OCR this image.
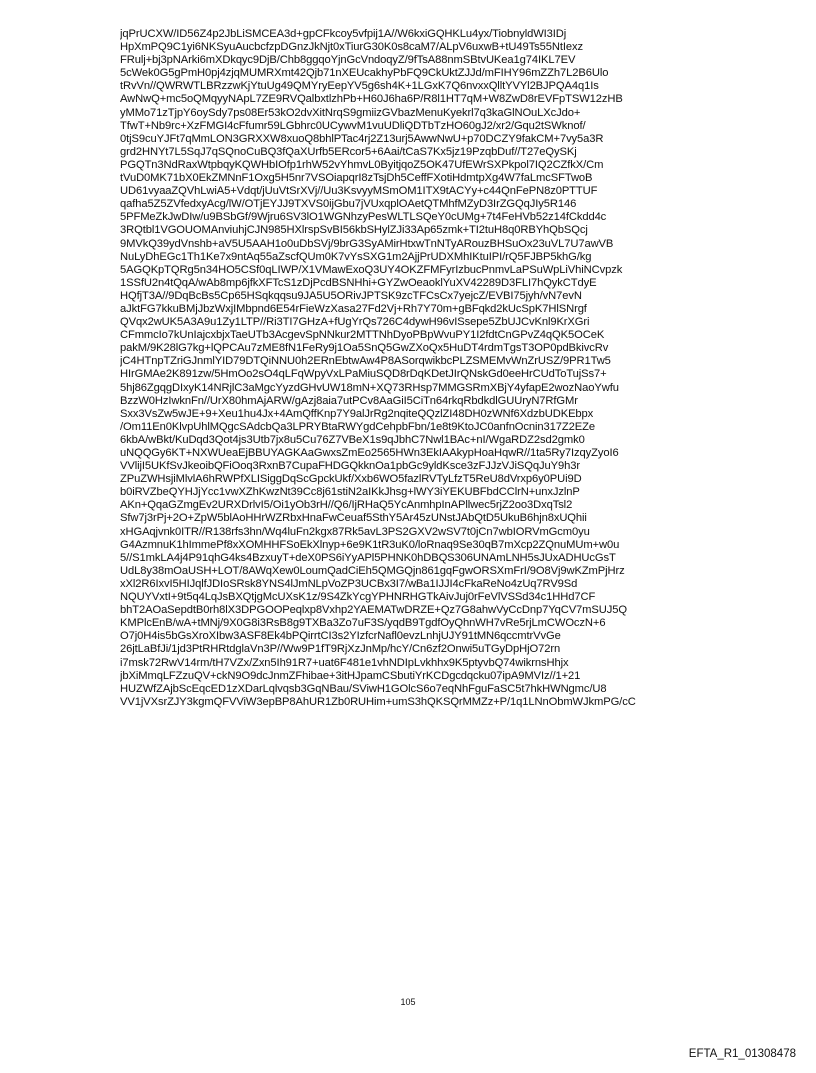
jqPrUCXW/ID56Z4p2JbLiSMCEA3d+gpCFkcoy5vfpij1A//W6kxiGQHKLu4yx/TiobnyldWI3IDj
HpXmPQ9C1yi6NKSyuAucbcfzpDGnzJkNjt0xTiurG30K0s8caM7/ALpV6uxwB+tU49Ts55NtIexz
FRulj+bj3pNArki6mXDkqyc9DjB/Chb8ggqoYjnGcVndoqyZ/9fTsA88nmSBtvUKea1g74IKL7EV
5cWek0G5gPmH0pj4zjqMUMRXmt42Qjb71nXEUcakhyPbFQ9CkUktZJJd/mFIHY96mZZh7L2B6Ulo
tRvVn//QWRWTLBRzzwKjYtuUg49QMYryEepYV5g6sh4K+1LGxK7Q6nvxxQlltYVYl2BJPQA4q1Is
AwNwQ+mc5oQMqyyNApL7ZE9RVQalbxtlzhPb+H60J6ha6P/R8l1HT7qM+W8ZwD8rEVFpTSW12zHB
yMMo71zTjpY6oySdy7ps08Er53kO2dvXitNrqS9gmiizGVbazMenuKyekrl7q3kaGlNOuLXcJdo+
TfwT+Nb9rc+XzFMGI4cFfumr59LGbhrc0UCywvM1vuUDliQDTbTzHO60gJ2/xr2/Gqu2tSWknof/
0tjS9cuYJFt7qMmLON3GRXXW8xuoQ8bhlPTac4rj2Z13urj5AwwNwU+p70DCZY9fakCM+7vy5a3R
grd2HNYt7L5SqJ7qSQnoCuBQ3fQaXUrfb5ERcor5+6Aai/tCaS7Kx5jz19PzqbDuf//T27eQySKj
PGQTn3NdRaxWtpbqyKQWHbIOfp1rhW52vYhmvL0ByitjqoZ5OK47UfEWrSXPkpol7IQ2CZfkX/Cm
tVuD0MK71bX0EkZMNnF1Oxg5H5nr7VSOiapqrI8zTsjDh5CeffFXotiHdmtpXg4W7faLmcSFTwoB
UD61vyaaZQVhLwiA5+Vdqt/jUuVtSrXVj//Uu3KsvyyMSmOM1ITX9tACYy+c44QnFePN8z0PTTUF
qafha5Z5ZVfedxyAcg/lW/OTjEYJJ9TXVS0ijGbu7jVUxqplOAetQTMhfMZyD3IrZGQqJIy5R146
5PFMeZkJwDIw/u9BSbGf/9Wjru6SV3lO1WGNhzyPesWLTLSQeY0cUMg+7t4FeHVb52z14fCkdd4c
3RQtbl1VGOUOMAnviuhjCJN985HXlrspSvBI56kbSHylZJi33Ap65zmk+TI2tuH8q0RBYhQbSQcj
9MVkQ39ydVnshb+aV5U5AAH1o0uDbSVj/9brG3SyAMirHtxwTnNTyARouzBHSuOx23uVL7U7awVB
NuLyDhEGc1Th1Ke7x9ntAq55aZscfQUm0K7vYsSXG1m2AjjPrUDXMhIKtuIPI/rQ5FJBP5khG/kg
5AGQKpTQRg5n34HO5CSf0qLIWP/X1VMawExoQ3UY4OKZFMFyrIzbucPnmvLaPSuWpLiVhiNCvpzk
1SSfU2n4tQqA/wAb8mp6jfkXFTcS1zDjPcdBSNHhi+GYZwOeaoklYuXV42289D3FLI7hQykCTdyE
HQfjT3A//9DqBcBs5Cp65HSqkqqsu9JA5U5ORivJPTSK9zcTFCsCx7yejcZ/EVBI75jyh/vN7evN
aJktFG7kkuBMjJbzWxjIMbpnd6E54rFieWzXasa27Fd2Vj+Rh7Y70m+gBFqkd2kUcSpK7HlSNrgf
QVqx2wUK5A3A9u1Zy1LTP//Ri3TI7GHzA+fUgYrQs726C4dywH96vISsepe5ZbUJCvKnl9KrXGri
CFmmcIo7kUnIajcxbjxTaeUTb3AcgevSpNNkur2MTTNhDyoPBpWvuPY1I2fdtCnGPvZ4qQK5OCeK
pakM/9K28lG7kg+lQPCAu7zME8fN1FeRy9j1Oa5SnQ5GwZXoQx5HuDT4rdmTgsT3OP0pdBkivcRv
jC4HTnpTZriGJnmlYID79DTQiNNU0h2ERnEbtwAw4P8ASorqwikbcPLZSMEMvWnZrUSZ/9PR1Tw5
HIrGMAe2K891zw/5HmOo2sO4qLFqWpyVxLPaMiuSQD8rDqKDetJIrQNskGd0eeHrCUdToTujSs7+
5hj86ZgqgDIxyK14NRjlC3aMgcYyzdGHvUW18mN+XQ73RHsp7MMGSRmXBjY4yfapE2wozNaoYwfu
BzzW0HzIwknFn//UrX80hmAjARW/gAzj8aia7utPCv8AaGiI5CiTn64rkqRbdkdlGUUryN7RfGMr
Sxx3VsZw5wJE+9+Xeu1hu4Jx+4AmQffKnp7Y9alJrRg2nqiteQQzlZI48DH0zWNf6XdzbUDKEbpx
/Om11En0KlvpUhlMQgcSAdcbQa3LPRYBtaRWYgdCehpbFbn/1e8t9KtoJC0anfnOcnin317Z2EZe
6kbA/wBkt/KuDqd3Qot4js3Utb7jx8u5Cu76Z7VBeX1s9qJbhC7Nwl1BAc+nI/WgaRDZ2sd2gmk0
uNQQGy6KT+NXWUeaEjBBUYAGKAaGwxsZmEo2565HWn3EkIAAkypHoaHqwR//1ta5Ry7IzqyZyoI6
VVlijI5UKfSvJkeoibQFiOoq3RxnB7CupaFHDGQkknOa1pbGc9yldKsce3zFJJzVJiSQqJuY9h3r
ZPuZWHsjiMlvlA6hRWPfXLISiggDqScGpckUkf/Xxb6WO5fazlRVTyLfzT5ReU8dVrxp6y0PUi9D
b0iRVZbeQYHJjYcc1vwXZhKwzNt39Cc8j61stiN2aIKkJhsg+lWY3iYEKUBFbdCClrN+unxJzlnP
AKn+QqaGZmgEv2URXDrlvI5/Oi1yOb3rH//Q6/IjRHaQ5YcAnmhpInAPllwec5rjZ2oo3DxqTsl2
Sfw7j3rPj+2O+ZpW5blAoHHrWZRbxHnaFwCeuaf5SthY5Ar45zUNstJAbQtD5UkuB6hjn8xUQhii
xHGAqjvnk0ITR//R138rfs3hn/Wq4luFn2kgx87Rk5avL3PS2GXV2wSV7t0jCn7wbIORVmGcm0yu
G4AzmnuK1hImmePf8xXOMHHFSoEkXlnyp+6e9K1tR3uK0/loRnaq9Se30qB7mXcp2ZQnuMUm+w0u
5//S1mkLA4j4P91qhG4ks4BzxuyT+deX0PS6iYyAPl5PHNK0hDBQS306UNAmLNH5sJUxADHUcGsT
UdL8y38mOaUSH+LOT/8AWqXew0LoumQadCiEh5QMGQjn861gqFgwORSXmFrI/9O8Vj9wKZmPjHrz
xXl2R6IxvI5HIJqlfJDIoSRsk8YNS4lJmNLpVoZP3UCBx3I7/wBa1IJJI4cFkaReNo4zUq7RV9Sd
NQUYVxtI+9t5q4LqJsBXQtjgMcUXsK1z/9S4ZkYcgYPHNRHGTkAivJuj0rFeVlVSSd34c1HHd7CF
bhT2AOaSepdtB0rh8lX3DPGOOPeqlxp8Vxhp2YAEMATwDRZE+Qz7G8ahwVyCcDnp7YqCV7mSUJ5Q
KMPlcEnB/wA+tMNj/9X0G8i3RsB8g9TXBa3Zo7uF3S/yqdB9TgdfOyQhnWH7vRe5rjLmCWOczN+6
O7j0H4is5bGsXroXIbw3ASF8Ek4bPQirrtCI3s2YIzfcrNafl0evzLnhjUJY91tMN6qccmtrVvGe
26jtLaBfJi/1jd3PtRHRtdglaVn3P//Ww9P1fT9RjXzJnMp/hcY/Cn6zf2Onwi5uTGyDpHjO72rn
i7msk72RwV14rm/tH7VZx/Zxn5Ih91R7+uat6F481e1vhNDIpLvkhhx9K5ptyvbQ74wikrnsHhjx
jbXiMmqLFZzuQV+ckN9O9dcJnmZFhibae+3itHJpamCSbutiYrKCDgcdqcku07ipA9MVIz//1+21
HUZWfZAjbScEqcED1zXDarLqlvqsb3GqNBau/SViwH1GOlcS6o7eqNhFguFaSC5t7hkHWNgmc/U8
VV1jVXsrZJY3kgmQFVViW3epBP8AhUR1Zb0RUHim+umS3hQKSQrMMZz+P/1q1LNnObmWJkmPG/cC
105
EFTA_R1_01308478
